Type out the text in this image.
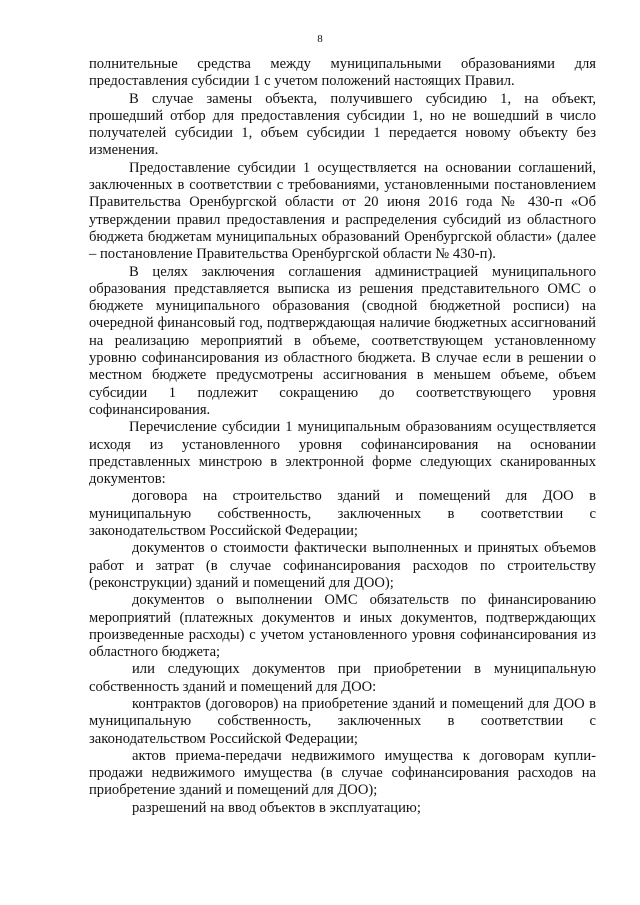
8

полнительные средства между муниципальными образованиями для предоставления субсидии 1 с учетом положений настоящих Правил.

В случае замены объекта, получившего субсидию 1, на объект, прошедший отбор для предоставления субсидии 1, но не вошедший в число получателей субсидии 1, объем субсидии 1 передается новому объекту без изменения.

Предоставление субсидии 1 осуществляется на основании соглашений, заключенных в соответствии с требованиями, установленными постановлением Правительства Оренбургской области от 20 июня 2016 года № 430-п «Об утверждении правил предоставления и распределения субсидий из областного бюджета бюджетам муниципальных образований Оренбургской области» (далее – постановление Правительства Оренбургской области № 430-п).

В целях заключения соглашения администрацией муниципального образования представляется выписка из решения представительного ОМС о бюджете муниципального образования (сводной бюджетной росписи) на очередной финансовый год, подтверждающая наличие бюджетных ассигнований на реализацию мероприятий в объеме, соответствующем установленному уровню софинансирования из областного бюджета. В случае если в решении о местном бюджете предусмотрены ассигнования в меньшем объеме, объем субсидии 1 подлежит сокращению до соответствующего уровня софинансирования.

Перечисление субсидии 1 муниципальным образованиям осуществляется исходя из установленного уровня софинансирования на основании представленных минстрою в электронной форме следующих сканированных документов:

договора на строительство зданий и помещений для ДОО в муниципальную собственность, заключенных в соответствии с законодательством Российской Федерации;

документов о стоимости фактически выполненных и принятых объемов работ и затрат (в случае софинансирования расходов по строительству (реконструкции) зданий и помещений для ДОО);

документов о выполнении ОМС обязательств по финансированию мероприятий (платежных документов и иных документов, подтверждающих произведенные расходы) с учетом установленного уровня софинансирования из областного бюджета;

или следующих документов при приобретении в муниципальную собственность зданий и помещений для ДОО:

контрактов (договоров) на приобретение зданий и помещений для ДОО в муниципальную собственность, заключенных в соответствии с законодательством Российской Федерации;

актов приема-передачи недвижимого имущества к договорам купли-продажи недвижимого имущества (в случае софинансирования расходов на приобретение зданий и помещений для ДОО);

разрешений на ввод объектов в эксплуатацию;
